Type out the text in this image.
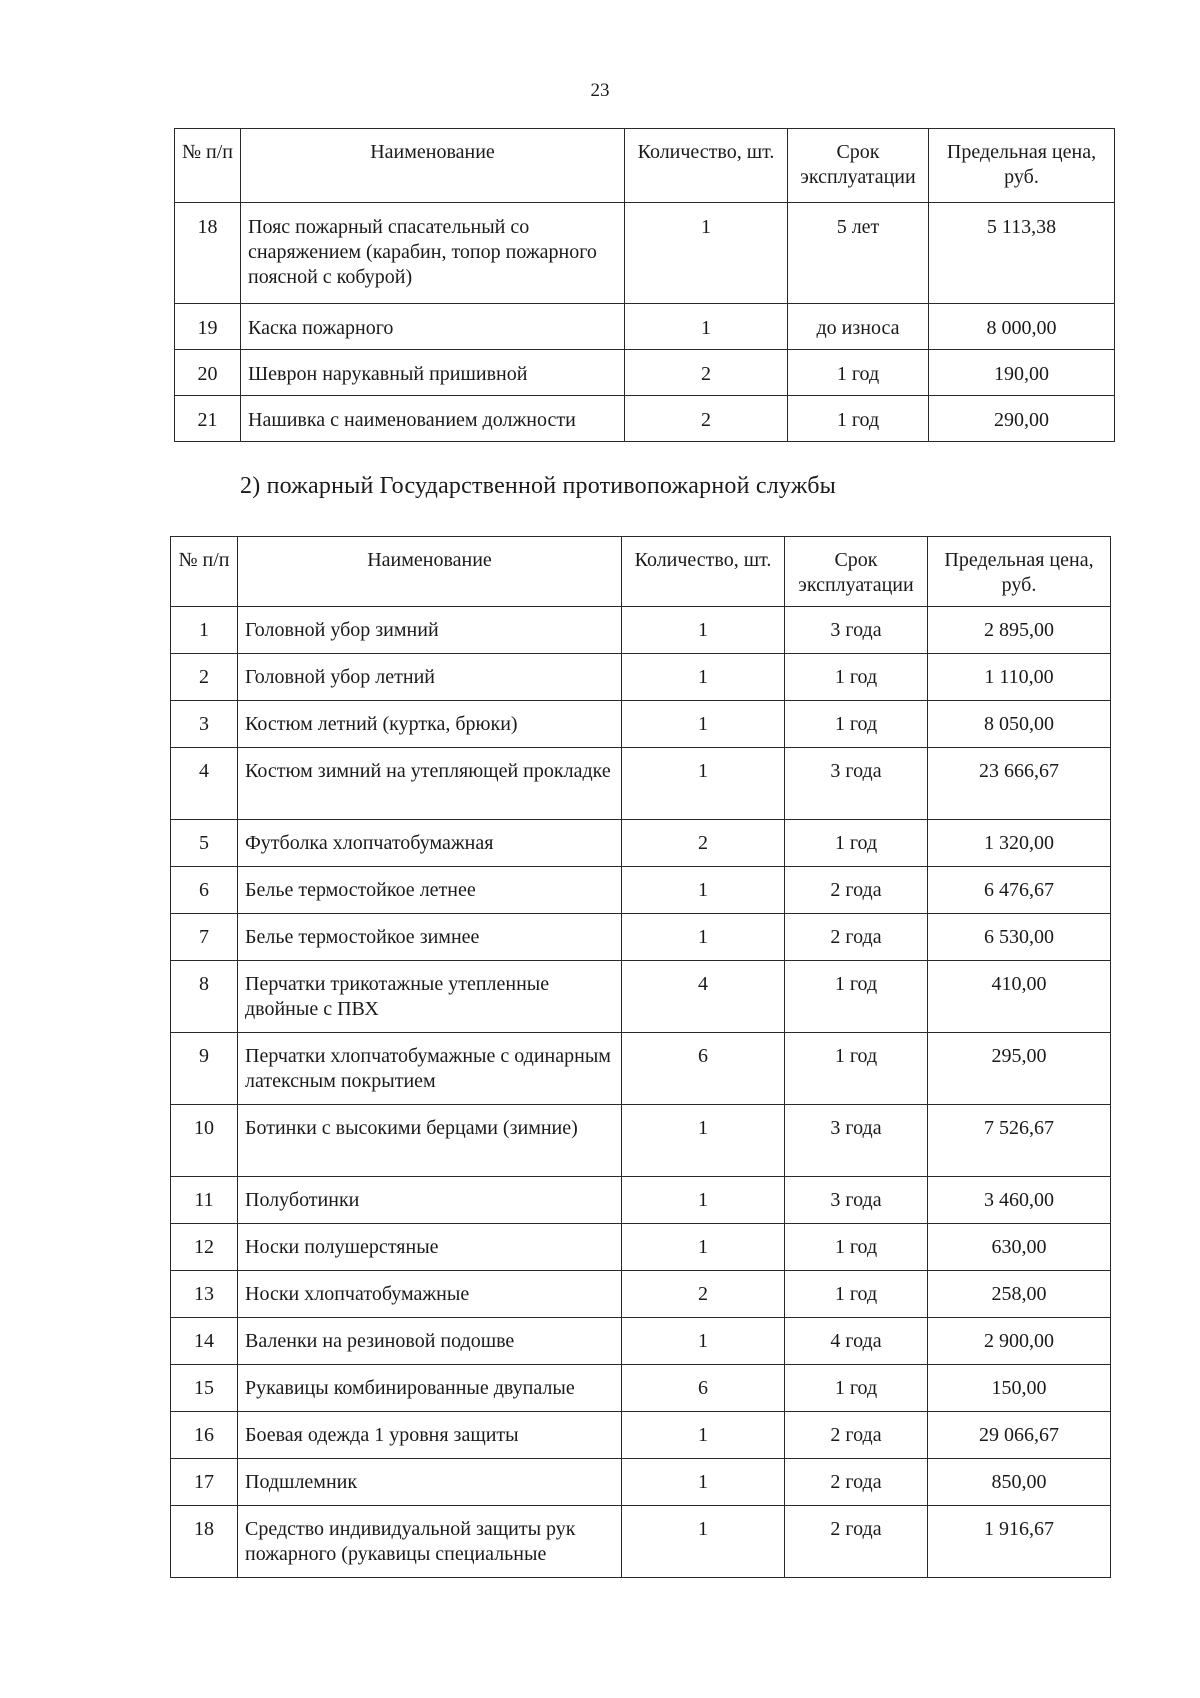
23
№ п/п	Наименование	Количество, шт.	Срок эксплуатации	Предельная цена, руб.
18	Пояс пожарный спасательный со снаряжением (карабин, топор пожарного поясной с кобурой)	1	5 лет	5 113,38
19	Каска пожарного	1	до износа	8 000,00
20	Шеврон нарукавный пришивной	2	1 год	190,00
21	Нашивка с наименованием должности	2	1 год	290,00
2) пожарный Государственной противопожарной службы
№ п/п	Наименование	Количество, шт.	Срок эксплуатации	Предельная цена, руб.
1	Головной убор зимний	1	3 года	2 895,00
2	Головной убор летний	1	1 год	1 110,00
3	Костюм летний (куртка, брюки)	1	1 год	8 050,00
4	Костюм зимний на утепляющей прокладке	1	3 года	23 666,67
5	Футболка хлопчатобумажная	2	1 год	1 320,00
6	Белье термостойкое летнее	1	2 года	6 476,67
7	Белье термостойкое зимнее	1	2 года	6 530,00
8	Перчатки трикотажные утепленные двойные с ПВХ	4	1 год	410,00
9	Перчатки хлопчатобумажные с одинарным латексным покрытием	6	1 год	295,00
10	Ботинки с высокими берцами (зимние)	1	3 года	7 526,67
11	Полуботинки	1	3 года	3 460,00
12	Носки полушерстяные	1	1 год	630,00
13	Носки хлопчатобумажные	2	1 год	258,00
14	Валенки на резиновой подошве	1	4 года	2 900,00
15	Рукавицы комбинированные двупалые	6	1 год	150,00
16	Боевая одежда 1 уровня защиты	1	2 года	29 066,67
17	Подшлемник	1	2 года	850,00
18	Средство индивидуальной защиты рук пожарного (рукавицы специальные	1	2 года	1 916,67
